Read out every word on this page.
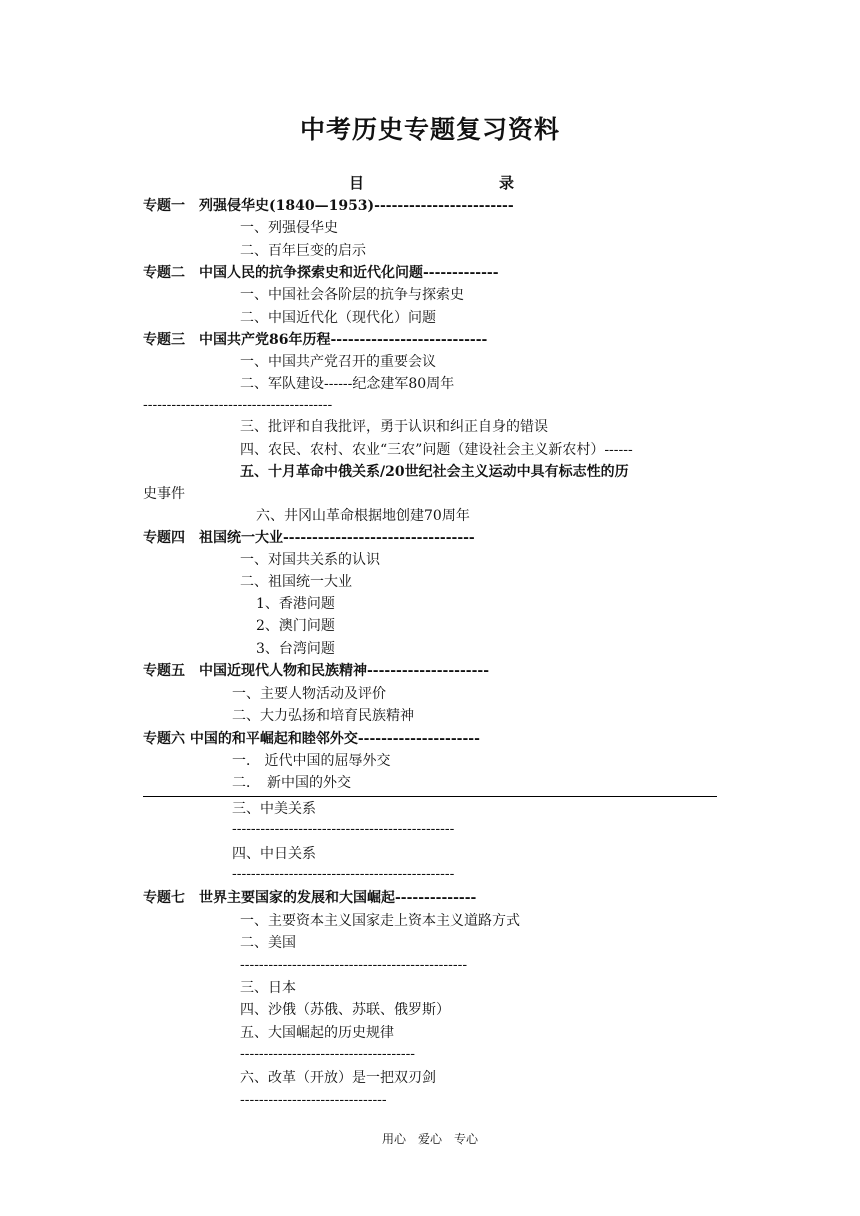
中考历史专题复习资料
目	录
专题一　列强侵华史(1840—1953)------------------------
一、列强侵华史
二、百年巨变的启示
专题二　中国人民的抗争探索史和近代化问题-------------
一、中国社会各阶层的抗争与探索史
二、中国近代化（现代化）问题
专题三　中国共产党86年历程---------------------------
一、中国共产党召开的重要会议
二、军队建设------纪念建军80周年
----------------------------------------
三、批评和自我批评，勇于认识和纠正自身的错误
四、农民、农村、农业“三农”问题（建设社会主义新农村）------
五、十月革命中俄关系/20世纪社会主义运动中具有标志性的历
史事件
六、井冈山革命根据地创建70周年
专题四　祖国统一大业---------------------------------
一、对国共关系的认识
二、祖国统一大业
1、香港问题
2、澳门问题
3、台湾问题
专题五　中国近现代人物和民族精神---------------------
一、主要人物活动及评价
二、大力弘扬和培育民族精神
专题六 中国的和平崛起和睦邻外交---------------------
一． 近代中国的屈辱外交
二．　新中国的外交
三、中美关系
-----------------------------------------------
四、中日关系
-----------------------------------------------
专题七　世界主要国家的发展和大国崛起--------------
一、主要资本主义国家走上资本主义道路方式
二、美国
------------------------------------------------
三、日本
四、沙俄（苏俄、苏联、俄罗斯）
五、大国崛起的历史规律
-------------------------------------
六、改革（开放）是一把双刃剑
-------------------------------
用心　爱心　专心
